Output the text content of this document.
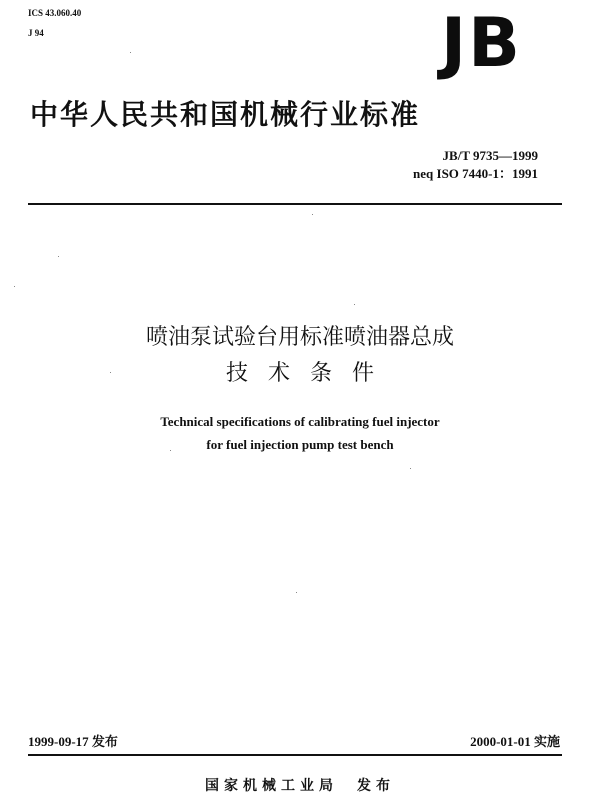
ICS 43.060.40
J 94	JB
中华人民共和国机械行业标准
JB/T 9735—1999
neq ISO 7440-1：1991
喷油泵试验台用标准喷油器总成
技术条件
Technical specifications of calibrating fuel injector
for fuel injection pump test bench
1999-09-17 发布	2000-01-01 实施
国家机械工业局　发布
